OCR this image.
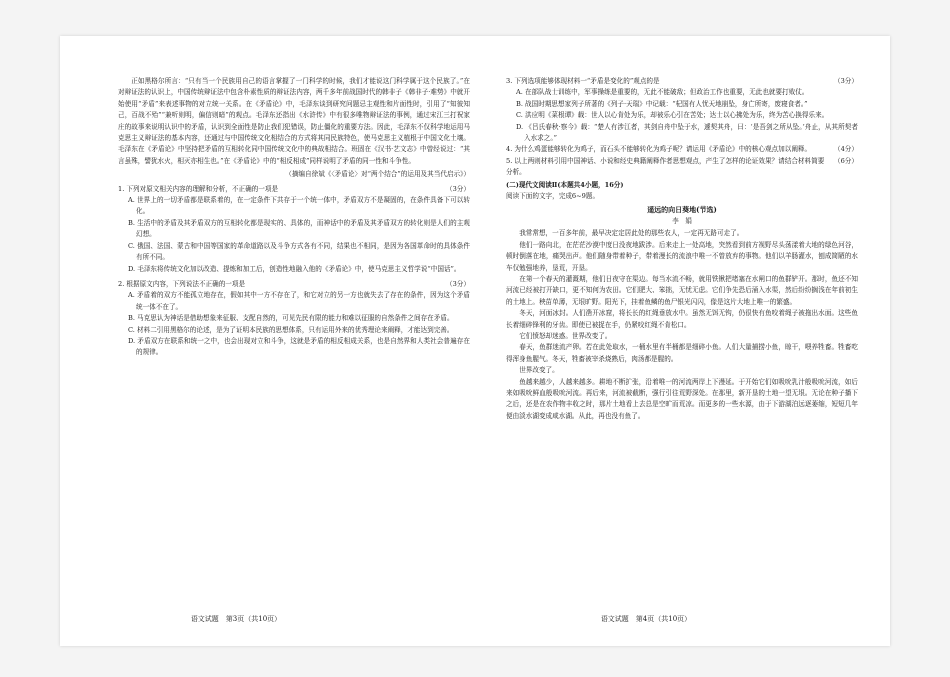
正如黑格尔所言：“只有当一个民族用自己的语言掌握了一门科学的时候，我们才能说这门科学属于这个民族了。”在对辩证法的认识上，中国传统辩证法中包含朴素性质的辩证法内容，两千多年前战国时代的韩非子《韩非子·难势》中就开始使用“矛盾”来表述事物的对立统一关系。在《矛盾论》中，毛泽东谈到研究问题忌主观性和片面性时，引用了“知彼知己，百战不殆”“兼听则明，偏信则暗”的观点。毛泽东还指出《水浒传》中有很多唯物辩证法的事例，通过宋江三打祝家庄的故事来说明认识中的矛盾，认识到全面性是防止我们犯错误，防止僵化的重要方法。因此，毛泽东不仅科学地运用马克思主义辩证法的基本内容，还通过与中国传统文化相结合的方式将其同民族特色，使马克思主义植根于中国文化土壤。毛泽东在《矛盾论》中坚持把矛盾的互相转化同中国传统文化中的典故相结合。班固在《汉书·艺文志》中曾经说过：“其言虽殊，譬犹水火，相灭亦相生也。”在《矛盾论》中的“相反相成”同样说明了矛盾的同一性和斗争性。

（摘编自徐斌《〈矛盾论〉对“两个结合”的运用及其当代启示》）

1. 下列对原文相关内容的理解和分析，不正确的一项是	（3分）

A. 世界上的一切矛盾都是联系着的，在一定条件下共存于一个统一体中，矛盾双方不是凝固的，在条件具备下可以转化。

B. 生活中的矛盾及其矛盾双方的互相转化都是现实的、具体的，而神话中的矛盾及其矛盾双方的转化则是人们的主观幻想。

C. 俄国、法国、蒙古和中国等国家的革命道路以及斗争方式各有不同，结果也不相同，是因为各国革命时的具体条件有所不同。

D. 毛泽东将传统文化加以改造、提炼和加工后，创造性地融入他的《矛盾论》中，使马克思主义哲学说“中国话”。

2. 根据原文内容，下列说法不正确的一项是	（3分）

A. 矛盾着的双方不能孤立地存在，假如其中一方不存在了，和它对立的另一方也就失去了存在的条件，因为这个矛盾统一体不在了。

B. 马克思认为神话是借助想象来征服、支配自然的，可见先民有限的能力和难以征服的自然条件之间存在矛盾。

C. 材料二引用黑格尔的论述，是为了证明本民族的思想体系，只有运用外来的优秀理论来阐释，才能达到完善。

D. 矛盾双方在联系和统一之中，也会出现对立和斗争，这就是矛盾的相反相成关系，也是自然界和人类社会普遍存在的规律。

3. 下列选项能够体现材料一“矛盾是变化的”观点的是	（3分）

A. 在部队战士训练中，军事操练是重要的，无此不能破敌；但政治工作也重要，无此也就要打败仗。

B. 战国时期思想家列子所著的《列子·天瑞》中记载：“杞国有人忧天地崩坠，身亡所寄，废寝食者。”

C. 洪应明《菜根谭》载：世人以心肯处为乐，却被乐心引在苦处；达士以心拂处为乐，终为苦心换得乐来。

D. 《吕氏春秋·察今》载：“楚人有涉江者，其剑自舟中坠于水，遽契其舟，曰：‘是吾剑之所从坠。’舟止，从其所契者入水求之。”

4. 为什么鸡蛋能够转化为鸡子，而石头不能够转化为鸡子呢？请运用《矛盾论》中的核心观点加以阐释。	（4分）
5. 以上两则材料引用中国神话、小说和经史典籍阐释作者思想观点，产生了怎样的论证效果？请结合材料简要分析。
（6分）

(二)现代文阅读Ⅱ(本题共4小题，16分)

阅读下面的文字，完成6~9题。

遥远的向日葵地(节选)

李　娟

我常常想，一百多年前，最早决定定居此处的那些农人，一定再无路可走了。

他们一路向北，在茫茫沙漠中度日没夜地跋涉。后来走上一处高地，突然看到前方视野尽头荡漾着大地的绿色河谷，顿时倒落在地，痛哭出声。他们随身带着种子，带着漫长的流浪中唯一不曾放弃的事物。他们以羊肠灌水，刨成简陋的水车仅勉强地养，垦荒，开垦。

在第一个春天的灌溉期，他们日夜守在渠边。每当水流不畅，就用铁锹把堵塞在水闸口的鱼群铲开。那时，鱼还不知河流已经被打开缺口，更不知何为农田。它们肥大、笨拙，无忧无虑。它们争先恐后涌入水渠，然后纷纷搁浅在年前初生的土地上。秧苗单薄，无垠旷野。阳光下，挂着鱼鳞的鱼尸银光闪闪，像是这片大地上唯一的繁盛。

冬天，河面冰封。人们凿开冰窟，将长长的红绳垂放水中。虽然无饵无钩，仍很快有鱼咬着绳子被拖出水面。这些鱼长着细碎锋利的牙齿。即使已被捉在手，仍紧咬红绳不肯松口。

它们愤怒却迷惑。世界改变了。

春天，鱼群迷流产卵。若在此处取水，一桶水里有半桶都是细碎小鱼。人们大量捕捞小鱼，晾干，喂养牲畜。牲畜吃得浑身鱼腥气。冬天，牲畜被宰杀烧熟后，肉汤都是腥的。

世界改变了。

鱼越来越少，人越来越多。耕地不断扩张，沿着唯一的河流两岸上下漫延。于开始它们如吸吮乳汁般吸吮河流，如后来如吸吮鲜血般吸吮河流。再后来，河流被截断，强行引往荒野深处。在那里，新开垦的土地一望无垠。无论在种子播下之后，还是在农作物丰收之时，那片土地看上去总是空旷而荒凉。而更多的一些水源，由于下游湖泊远逐萎缩，短短几年便由淡水湖变成咸水湖。从此，再也没有鱼了。

语文试题　第3页（共10页）	语文试题　第4页（共10页）
